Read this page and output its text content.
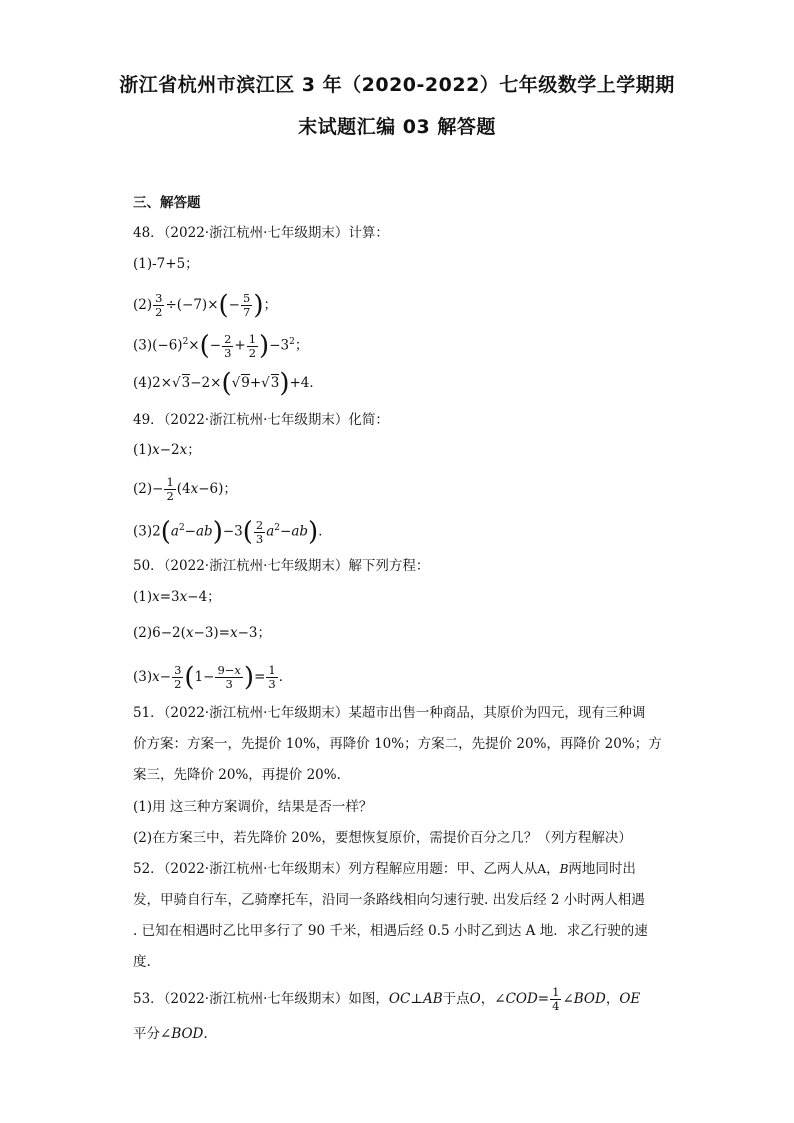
浙江省杭州市滨江区 3 年（2020-2022）七年级数学上学期期
末试题汇编 03 解答题
三、解答题
48．（2022·浙江杭州·七年级期末）计算：
(1)-7+5；
$(2) \frac{3}{2} \div(-7)\times(- \frac{5}{7}$ )；
$(3)(-6)^2\times(- \frac{2}{3} + \frac{1}{2} )-3^2$；
(4)2×√3−2×(√9+√3)+4．
49．（2022·浙江杭州·七年级期末）化简：
(1)x−2x；
$(2)- \frac{1}{2} (4x-6)$；
$(3)2(a^2-ab)-3( \frac{2}{3} a^2-ab)$．
50．（2022·浙江杭州·七年级期末）解下列方程：
(1)x=3x−4；
(2)6−2(x−3)=x−3；
$(3)x- \frac{3}{2} (1- \frac{9-x}{3}$ )= $\frac{1}{3}$ ．
51．（2022·浙江杭州·七年级期末）某超市出售一种商品，其原价为四元，现有三种调
价方案：方案一，先提价 10%，再降价 10%；方案二，先提价 20%，再降价 20%；方
案三，先降价 20%，再提价 20%.
(1)用 这三种方案调价，结果是否一样？
(2)在方案三中，若先降价 20%，要想恢复原价，需提价百分之几？（列方程解决）
52．（2022·浙江杭州·七年级期末）列方程解应用题：甲、乙两人从A，B两地同时出
发，甲骑自行车，乙骑摩托车，沿同一条路线相向匀速行驶. 出发后经 2 小时两人相遇
. 已知在相遇时乙比甲多行了 90 千米，相遇后经 0.5 小时乙到达 A 地．求乙行驶的速
度.
53．（2022·浙江杭州·七年级期末）如图，OC⊥AB于点O，∠COD= $\frac{1}{4}$ ∠BOD，OE
平分∠BOD.
